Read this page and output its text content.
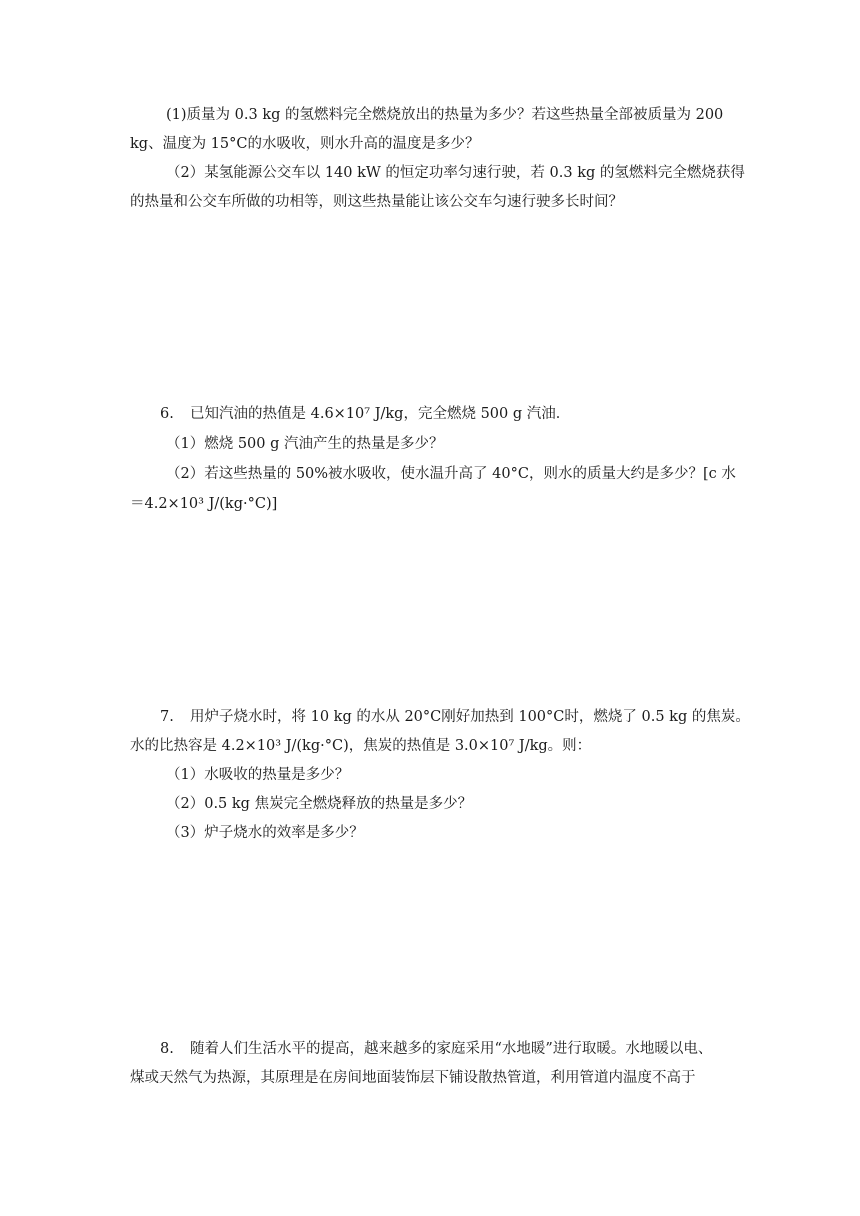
(1)质量为 0.3 kg 的氢燃料完全燃烧放出的热量为多少？若这些热量全部被质量为 200
kg、温度为 15°C的水吸收，则水升高的温度是多少？
（2）某氢能源公交车以 140 kW 的恒定功率匀速行驶，若 0.3 kg 的氢燃料完全燃烧获得
的热量和公交车所做的功相等，则这些热量能让该公交车匀速行驶多长时间？
6. 已知汽油的热值是 4.6×10⁷ J/kg，完全燃烧 500 g 汽油．
（1）燃烧 500 g 汽油产生的热量是多少？
（2）若这些热量的 50%被水吸收，使水温升高了 40°C，则水的质量大约是多少？[c 水
＝4.2×10³ J/(kg·°C)]
7. 用炉子烧水时，将 10 kg 的水从 20°C刚好加热到 100°C时，燃烧了 0.5 kg 的焦炭。
水的比热容是 4.2×10³ J/(kg·°C)，焦炭的热值是 3.0×10⁷ J/kg。则：
（1）水吸收的热量是多少？
（2）0.5 kg 焦炭完全燃烧释放的热量是多少？
（3）炉子烧水的效率是多少？
8. 随着人们生活水平的提高，越来越多的家庭采用“水地暖”进行取暖。水地暖以电、
煤或天然气为热源，其原理是在房间地面装饰层下铺设散热管道，利用管道内温度不高于
